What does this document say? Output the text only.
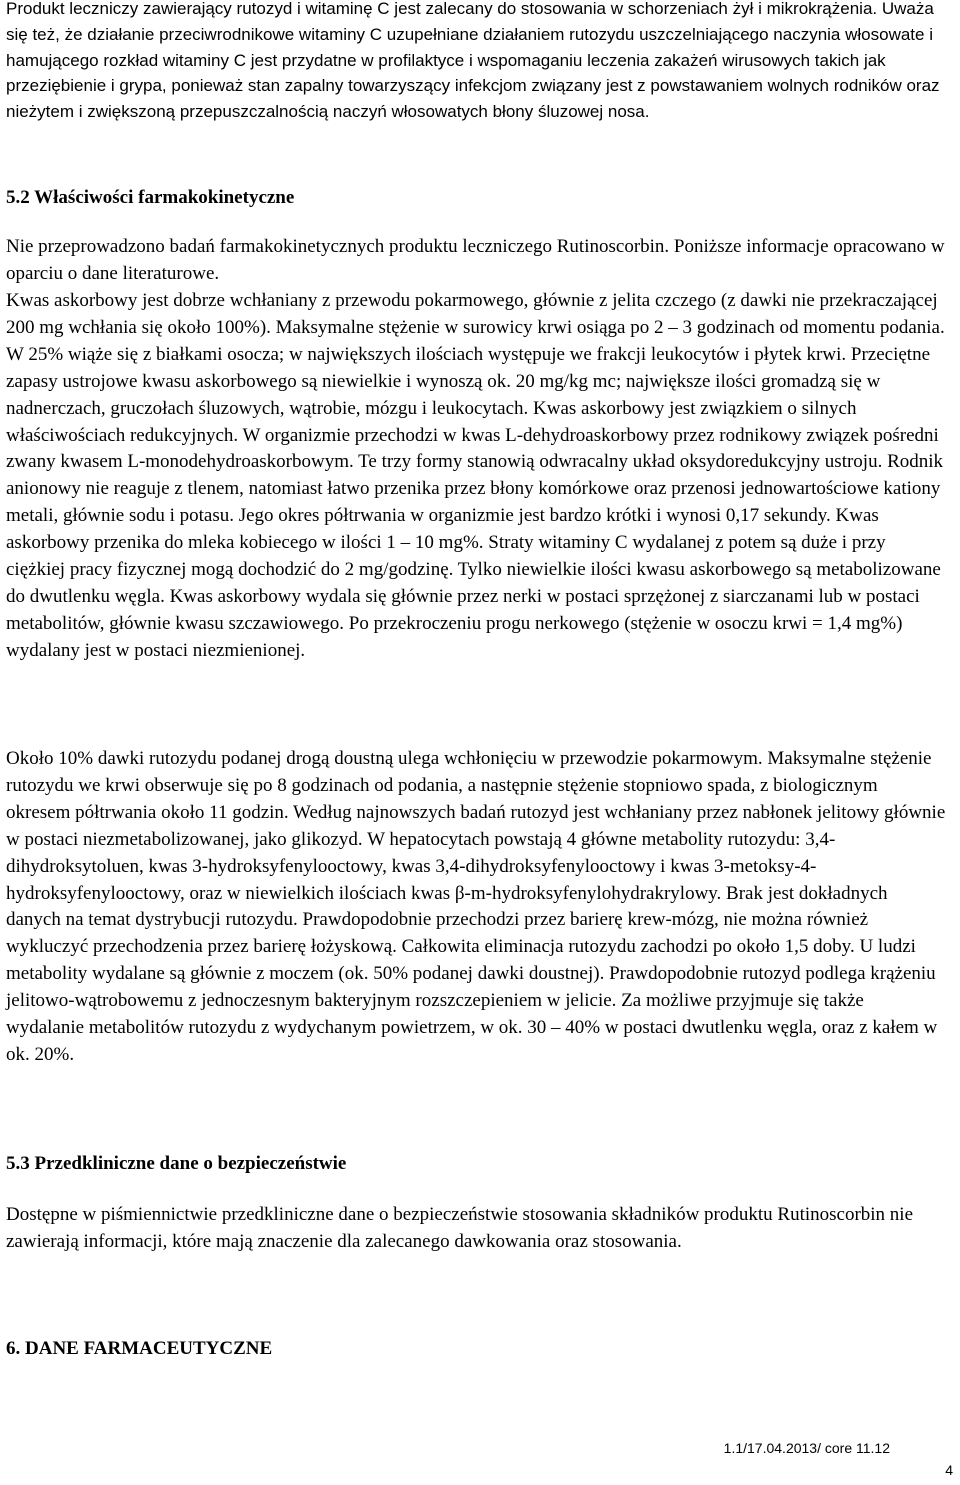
Produkt leczniczy zawierający rutozyd i witaminę C jest zalecany do stosowania w schorzeniach żył i mikrokrążenia. Uważa się też, że działanie przeciwrodnikowe witaminy C uzupełniane działaniem rutozydu uszczelniającego naczynia włosowate i hamującego rozkład witaminy C jest przydatne w profilaktyce i wspomaganiu leczenia zakażeń wirusowych takich jak przeziębienie i grypa, ponieważ stan zapalny towarzyszący infekcjom związany jest z powstawaniem wolnych rodników oraz nieżytem i zwiększoną przepuszczalnością naczyń włosowatych błony śluzowej nosa.

5.2 Właściwości farmakokinetyczne

Nie przeprowadzono badań farmakokinetycznych produktu leczniczego Rutinoscorbin. Poniższe informacje opracowano w oparciu o dane literaturowe.

Kwas askorbowy jest dobrze wchłaniany z przewodu pokarmowego, głównie z jelita czczego (z dawki nie przekraczającej 200 mg wchłania się około 100%). Maksymalne stężenie w surowicy krwi osiąga po 2 – 3 godzinach od momentu podania. W 25% wiąże się z białkami osocza; w największych ilościach występuje we frakcji leukocytów i płytek krwi. Przeciętne zapasy ustrojowe kwasu askorbowego są niewielkie i wynoszą ok. 20 mg/kg mc; największe ilości gromadzą się w nadnerczach, gruczołach śluzowych, wątrobie, mózgu i leukocytach. Kwas askorbowy jest związkiem o silnych właściwościach redukcyjnych. W organizmie przechodzi w kwas L-dehydroaskorbowy przez rodnikowy związek pośredni zwany kwasem L-monodehydroaskorbowym. Te trzy formy stanowią odwracalny układ oksydoredukcyjny ustroju. Rodnik anionowy nie reaguje z tlenem, natomiast łatwo przenika przez błony komórkowe oraz przenosi jednowartościowe kationy metali, głównie sodu i potasu. Jego okres półtrwania w organizmie jest bardzo krótki i wynosi 0,17 sekundy. Kwas askorbowy przenika do mleka kobiecego w ilości 1 – 10 mg%. Straty witaminy C wydalanej z potem są duże i przy ciężkiej pracy fizycznej mogą dochodzić do 2 mg/godzinę. Tylko niewielkie ilości kwasu askorbowego są metabolizowane do dwutlenku węgla. Kwas askorbowy wydala się głównie przez nerki w postaci sprzężonej z siarczanami lub w postaci metabolitów, głównie kwasu szczawiowego. Po przekroczeniu progu nerkowego (stężenie w osoczu krwi = 1,4 mg%) wydalany jest w postaci niezmienionej.

Około 10% dawki rutozydu podanej drogą doustną ulega wchłonięciu w przewodzie pokarmowym. Maksymalne stężenie rutozydu we krwi obserwuje się po 8 godzinach od podania, a następnie stężenie stopniowo spada, z biologicznym okresem półtrwania około 11 godzin. Według najnowszych badań rutozyd jest wchłaniany przez nabłonek jelitowy głównie w postaci niezmetabolizowanej, jako glikozyd. W hepatocytach powstają 4 główne metabolity rutozydu: 3,4-dihydroksytoluen, kwas 3-hydroksyfenylooctowy, kwas 3,4-dihydroksyfenylooctowy i kwas 3-metoksy-4-hydroksyfenylooctowy, oraz w niewielkich ilościach kwas β-m-hydroksyfenylohydrakrylowy. Brak jest dokładnych danych na temat dystrybucji rutozydu. Prawdopodobnie przechodzi przez barierę krew-mózg, nie można również wykluczyć przechodzenia przez barierę łożyskową. Całkowita eliminacja rutozydu zachodzi po około 1,5 doby. U ludzi metabolity wydalane są głównie z moczem (ok. 50% podanej dawki doustnej). Prawdopodobnie rutozyd podlega krążeniu jelitowo-wątrobowemu z jednoczesnym bakteryjnym rozszczepieniem w jelicie. Za możliwe przyjmuje się także wydalanie metabolitów rutozydu z wydychanym powietrzem, w ok. 30 – 40% w postaci dwutlenku węgla, oraz z kałem w ok. 20%.

5.3 Przedkliniczne dane o bezpieczeństwie

Dostępne w piśmiennictwie przedkliniczne dane o bezpieczeństwie stosowania składników produktu Rutinoscorbin nie zawierają informacji, które mają znaczenie dla zalecanego dawkowania oraz stosowania.

6. DANE FARMACEUTYCZNE
1.1/17.04.2013/ core 11.12
4
